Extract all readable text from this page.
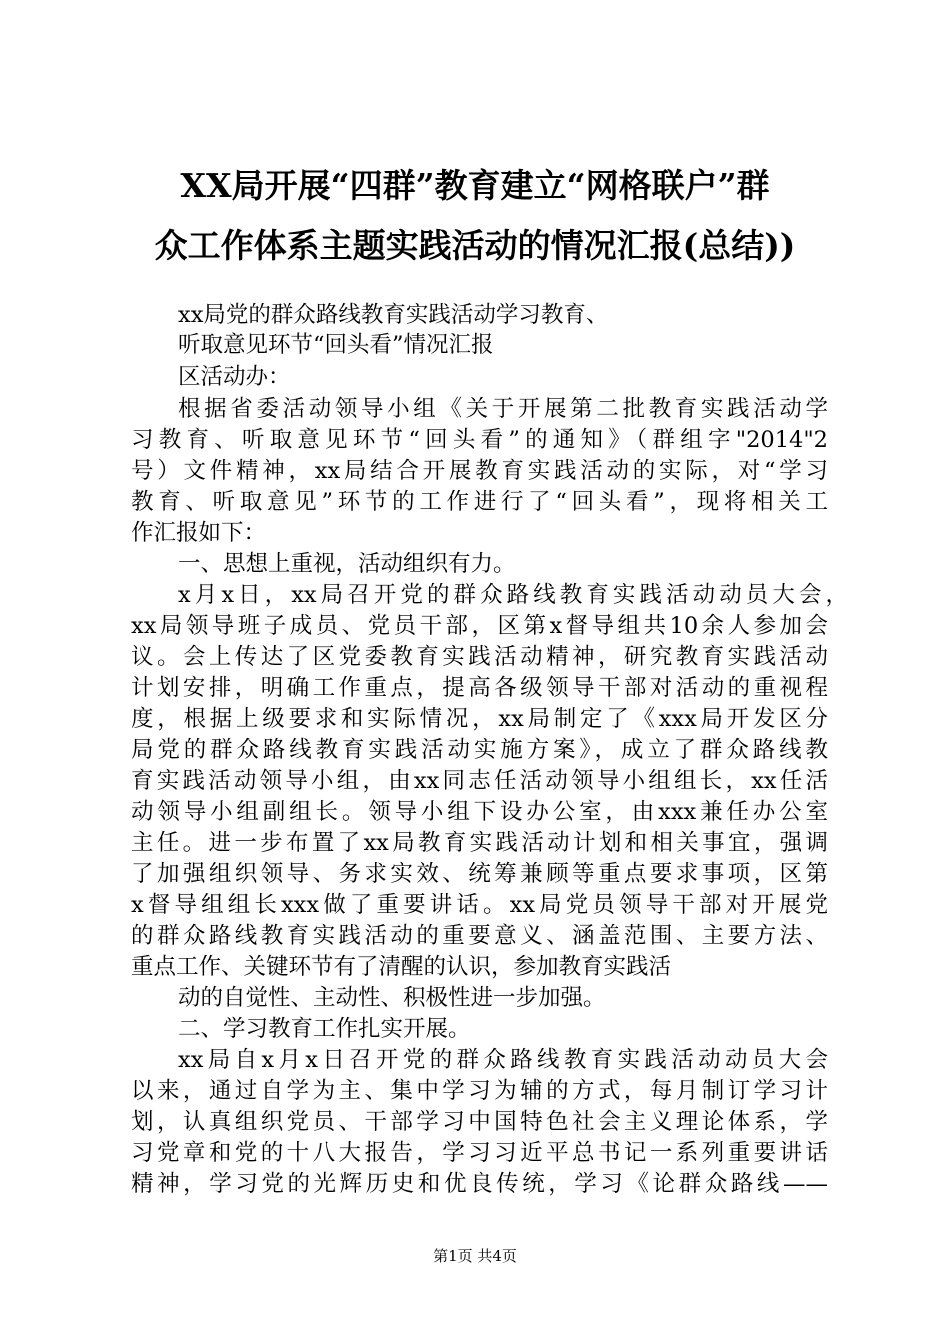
XX局开展“四群”教育建立“网格联户”群
众工作体系主题实践活动的情况汇报(总结))

xx局党的群众路线教育实践活动学习教育、

听取意见环节“回头看”情况汇报

区活动办：

根据省委活动领导小组《关于开展第二批教育实践活动学

习教育、听取意见环节“回头看”的通知》（群组字"2014"2

号）文件精神，xx局结合开展教育实践活动的实际，对“学习

教育、听取意见”环节的工作进行了“回头看”，现将相关工

作汇报如下：

一、思想上重视，活动组织有力。

x月x日，xx局召开党的群众路线教育实践活动动员大会，

xx局领导班子成员、党员干部，区第x督导组共10余人参加会

议。会上传达了区党委教育实践活动精神，研究教育实践活动

计划安排，明确工作重点，提高各级领导干部对活动的重视程

度，根据上级要求和实际情况，xx局制定了《xxx局开发区分

局党的群众路线教育实践活动实施方案》，成立了群众路线教

育实践活动领导小组，由xx同志任活动领导小组组长，xx任活

动领导小组副组长。领导小组下设办公室，由xxx兼任办公室

主任。进一步布置了xx局教育实践活动计划和相关事宜，强调

了加强组织领导、务求实效、统筹兼顾等重点要求事项，区第

x督导组组长xxx做了重要讲话。xx局党员领导干部对开展党

的群众路线教育实践活动的重要意义、涵盖范围、主要方法、

重点工作、关键环节有了清醒的认识，参加教育实践活

动的自觉性、主动性、积极性进一步加强。

二、学习教育工作扎实开展。

xx局自x月x日召开党的群众路线教育实践活动动员大会

以来，通过自学为主、集中学习为辅的方式，每月制订学习计

划，认真组织党员、干部学习中国特色社会主义理论体系，学

习党章和党的十八大报告，学习习近平总书记一系列重要讲话

精神，学习党的光辉历史和优良传统，学习《论群众路线——

第1页 共4页
